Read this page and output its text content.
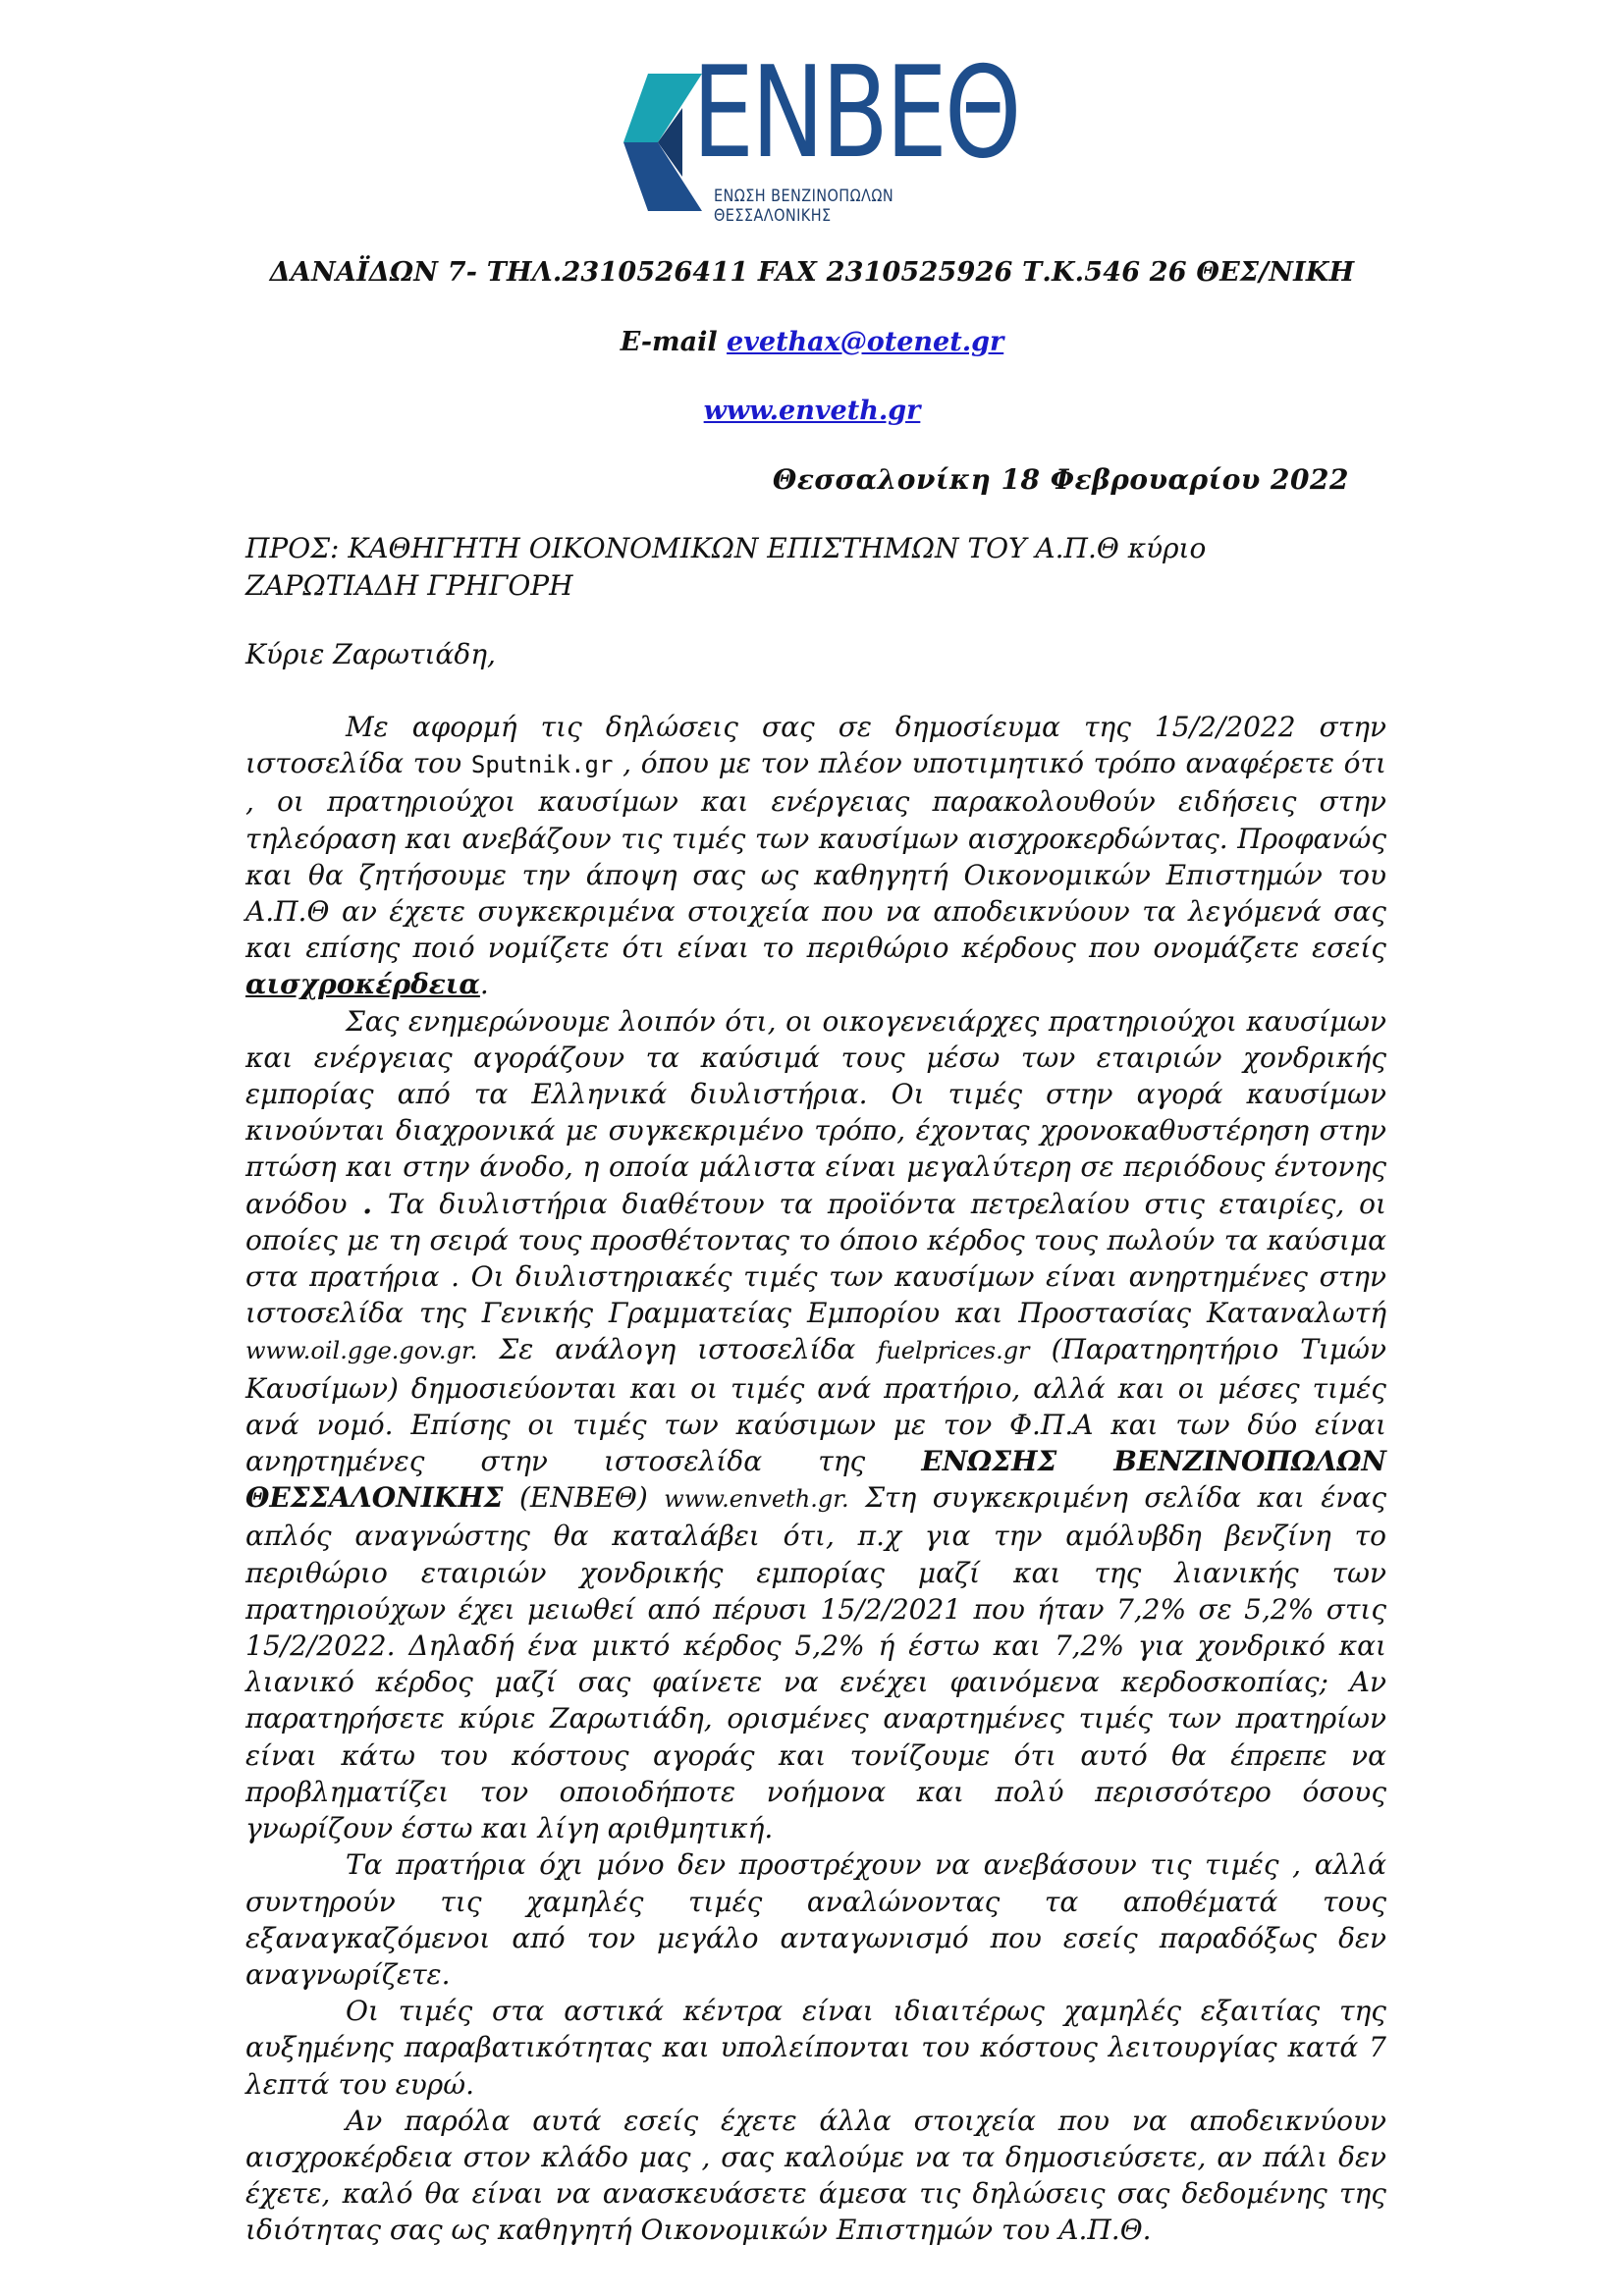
ENBEΘ
ΕΝΩΣΗ ΒΕΝΖΙΝΟΠΩΛΩΝ ΘΕΣΣΑΛΟΝΙΚΗΣ
ΔΑΝΑΪΔΩΝ 7- ΤΗΛ.2310526411 FAX 2310525926 Τ.Κ.546 26 ΘΕΣ/ΝΙΚΗ
E-mail evethax@otenet.gr
www.enveth.gr
Θεσσαλονίκη 18 Φεβρουαρίου 2022
ΠΡΟΣ: ΚΑΘΗΓΗΤΗ ΟΙΚΟΝΟΜΙΚΩΝ ΕΠΙΣΤΗΜΩΝ ΤΟΥ Α.Π.Θ κύριο ΖΑΡΩΤΙΑΔΗ ΓΡΗΓΟΡΗ
Κύριε Ζαρωτιάδη,

Με αφορμή τις δηλώσεις σας σε δημοσίευμα της 15/2/2022 στην ιστοσελίδα του Sputnik.gr , όπου με τον πλέον υποτιμητικό τρόπο αναφέρετε ότι , οι πρατηριούχοι καυσίμων και ενέργειας παρακολουθούν ειδήσεις στην τηλεόραση και ανεβάζουν τις τιμές των καυσίμων αισχροκερδώντας. Προφανώς και θα ζητήσουμε την άποψη σας ως καθηγητή Οικονομικών Επιστημών του Α.Π.Θ αν έχετε συγκεκριμένα στοιχεία που να αποδεικνύουν τα λεγόμενά σας και επίσης ποιό νομίζετε ότι είναι το περιθώριο κέρδους που ονομάζετε εσείς αισχροκέρδεια.

Σας ενημερώνουμε λοιπόν ότι, οι οικογενειάρχες πρατηριούχοι καυσίμων και ενέργειας αγοράζουν τα καύσιμά τους μέσω των εταιριών χονδρικής εμπορίας από τα Ελληνικά διυλιστήρια. Οι τιμές στην αγορά καυσίμων κινούνται διαχρονικά με συγκεκριμένο τρόπο, έχοντας χρονοκαθυστέρηση στην πτώση και στην άνοδο, η οποία μάλιστα είναι μεγαλύτερη σε περιόδους έντονης ανόδου . Τα διυλιστήρια διαθέτουν τα προϊόντα πετρελαίου στις εταιρίες, οι οποίες με τη σειρά τους προσθέτοντας το όποιο κέρδος τους πωλούν τα καύσιμα στα πρατήρια . Οι διυλιστηριακές τιμές των καυσίμων είναι ανηρτημένες στην ιστοσελίδα της Γενικής Γραμματείας Εμπορίου και Προστασίας Καταναλωτή www.oil.gge.gov.gr. Σε ανάλογη ιστοσελίδα fuelprices.gr (Παρατηρητήριο Τιμών Καυσίμων) δημοσιεύονται και οι τιμές ανά πρατήριο, αλλά και οι μέσες τιμές ανά νομό. Επίσης οι τιμές των καύσιμων με τον Φ.Π.Α και των δύο είναι ανηρτημένες στην ιστοσελίδα της ΕΝΩΣΗΣ ΒΕΝΖΙΝΟΠΩΛΩΝ ΘΕΣΣΑΛΟΝΙΚΗΣ (ΕΝΒΕΘ) www.enveth.gr. Στη συγκεκριμένη σελίδα και ένας απλός αναγνώστης θα καταλάβει ότι, π.χ για την αμόλυβδη βενζίνη το περιθώριο εταιριών χονδρικής εμπορίας μαζί και της λιανικής των πρατηριούχων έχει μειωθεί από πέρυσι 15/2/2021 που ήταν 7,2% σε 5,2% στις 15/2/2022. Δηλαδή ένα μικτό κέρδος 5,2% ή έστω και 7,2% για χονδρικό και λιανικό κέρδος μαζί σας φαίνετε να ενέχει φαινόμενα κερδοσκοπίας; Αν παρατηρήσετε κύριε Ζαρωτιάδη, ορισμένες αναρτημένες τιμές των πρατηρίων είναι κάτω του κόστους αγοράς και τονίζουμε ότι αυτό θα έπρεπε να προβληματίζει τον οποιοδήποτε νοήμονα και πολύ περισσότερο όσους γνωρίζουν έστω και λίγη αριθμητική.

Τα πρατήρια όχι μόνο δεν προστρέχουν να ανεβάσουν τις τιμές , αλλά συντηρούν τις χαμηλές τιμές αναλώνοντας τα αποθέματά τους εξαναγκαζόμενοι από τον μεγάλο ανταγωνισμό που εσείς παραδόξως δεν αναγνωρίζετε.

Οι τιμές στα αστικά κέντρα είναι ιδιαιτέρως χαμηλές εξαιτίας της αυξημένης παραβατικότητας και υπολείπονται του κόστους λειτουργίας κατά 7 λεπτά του ευρώ.

Αν παρόλα αυτά εσείς έχετε άλλα στοιχεία που να αποδεικνύουν αισχροκέρδεια στον κλάδο μας , σας καλούμε να τα δημοσιεύσετε, αν πάλι δεν έχετε, καλό θα είναι να ανασκευάσετε άμεσα τις δηλώσεις σας δεδομένης της ιδιότητας σας ως καθηγητή Οικονομικών Επιστημών του Α.Π.Θ.
